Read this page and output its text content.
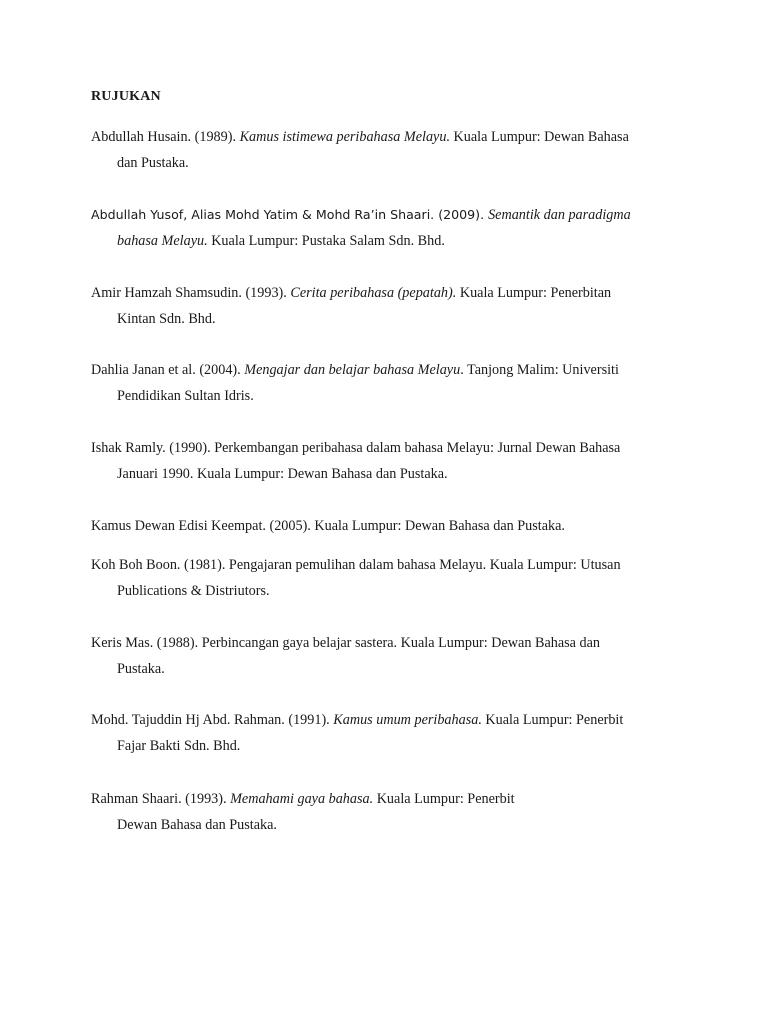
RUJUKAN
Abdullah Husain. (1989). Kamus istimewa peribahasa Melayu. Kuala Lumpur: Dewan Bahasa
dan Pustaka.
Abdullah Yusof, Alias Mohd Yatim & Mohd Ra’in Shaari. (2009). Semantik dan paradigma
bahasa Melayu. Kuala Lumpur: Pustaka Salam Sdn. Bhd.
Amir Hamzah Shamsudin. (1993). Cerita peribahasa (pepatah). Kuala Lumpur: Penerbitan
Kintan Sdn. Bhd.
Dahlia Janan et al. (2004). Mengajar dan belajar bahasa Melayu. Tanjong Malim: Universiti
Pendidikan Sultan Idris.
Ishak Ramly. (1990). Perkembangan peribahasa dalam bahasa Melayu: Jurnal Dewan Bahasa
Januari 1990. Kuala Lumpur: Dewan Bahasa dan Pustaka.
Kamus Dewan Edisi Keempat. (2005). Kuala Lumpur: Dewan Bahasa dan Pustaka.
Koh Boh Boon. (1981). Pengajaran pemulihan dalam bahasa Melayu. Kuala Lumpur: Utusan
Publications & Distriutors.
Keris Mas. (1988). Perbincangan gaya belajar sastera. Kuala Lumpur: Dewan Bahasa dan
Pustaka.
Mohd. Tajuddin Hj Abd. Rahman. (1991). Kamus umum peribahasa. Kuala Lumpur: Penerbit
Fajar Bakti Sdn. Bhd.
Rahman Shaari. (1993). Memahami gaya bahasa. Kuala Lumpur: Penerbit
Dewan Bahasa dan Pustaka.
